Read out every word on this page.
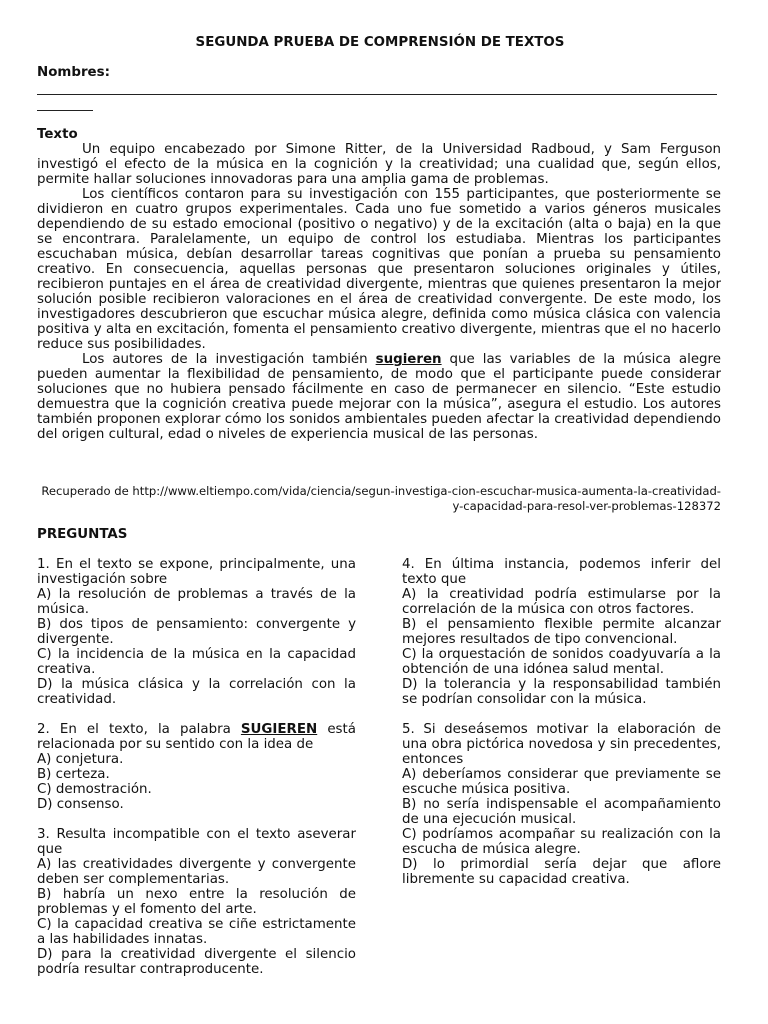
SEGUNDA PRUEBA DE COMPRENSIÓN DE TEXTOS
Nombres:
Texto

Un equipo encabezado por Simone Ritter, de la Universidad Radboud, y Sam Ferguson investigó el efecto de la música en la cognición y la creatividad; una cualidad que, según ellos, permite hallar soluciones innovadoras para una amplia gama de problemas.

Los científicos contaron para su investigación con 155 participantes, que posteriormente se dividieron en cuatro grupos experimentales. Cada uno fue sometido a varios géneros musicales dependiendo de su estado emocional (positivo o negativo) y de la excitación (alta o baja) en la que se encontrara. Paralelamente, un equipo de control los estudiaba. Mientras los participantes escuchaban música, debían desarrollar tareas cognitivas que ponían a prueba su pensamiento creativo. En consecuencia, aquellas personas que presentaron soluciones originales y útiles, recibieron puntajes en el área de creatividad divergente, mientras que quienes presentaron la mejor solución posible recibieron valoraciones en el área de creatividad convergente. De este modo, los investigadores descubrieron que escuchar música alegre, definida como música clásica con valencia positiva y alta en excitación, fomenta el pensamiento creativo divergente, mientras que el no hacerlo reduce sus posibilidades.

Los autores de la investigación también sugieren que las variables de la música alegre pueden aumentar la flexibilidad de pensamiento, de modo que el participante puede considerar soluciones que no hubiera pensado fácilmente en caso de permanecer en silencio. “Este estudio demuestra que la cognición creativa puede mejorar con la música”, asegura el estudio. Los autores también proponen explorar cómo los sonidos ambientales pueden afectar la creatividad dependiendo del origen cultural, edad o niveles de experiencia musical de las personas.

Recuperado de http://www.eltiempo.com/vida/ciencia/segun-investiga-cion-escuchar-musica-aumenta-la-creatividad-y-capacidad-para-resol-ver-problemas-128372
PREGUNTAS
1. En el texto se expone, principalmente, una investigación sobre
A) la resolución de problemas a través de la música.
B) dos tipos de pensamiento: convergente y divergente.
C) la incidencia de la música en la capacidad creativa.
D) la música clásica y la correlación con la creatividad.
2. En el texto, la palabra SUGIEREN está relacionada por su sentido con la idea de
A) conjetura.
B) certeza.
C) demostración.
D) consenso.
3. Resulta incompatible con el texto aseverar que
A) las creatividades divergente y convergente deben ser complementarias.
B) habría un nexo entre la resolución de problemas y el fomento del arte.
C) la capacidad creativa se ciñe estrictamente a las habilidades innatas.
D) para la creatividad divergente el silencio podría resultar contraproducente.
4. En última instancia, podemos inferir del texto que
A) la creatividad podría estimularse por la correlación de la música con otros factores.
B) el pensamiento flexible permite alcanzar mejores resultados de tipo convencional.
C) la orquestación de sonidos coadyuvaría a la obtención de una idónea salud mental.
D) la tolerancia y la responsabilidad también se podrían consolidar con la música.
5. Si deseásemos motivar la elaboración de una obra pictórica novedosa y sin precedentes, entonces
A) deberíamos considerar que previamente se escuche música positiva.
B) no sería indispensable el acompañamiento de una ejecución musical.
C) podríamos acompañar su realización con la escucha de música alegre.
D) lo primordial sería dejar que aflore libremente su capacidad creativa.
